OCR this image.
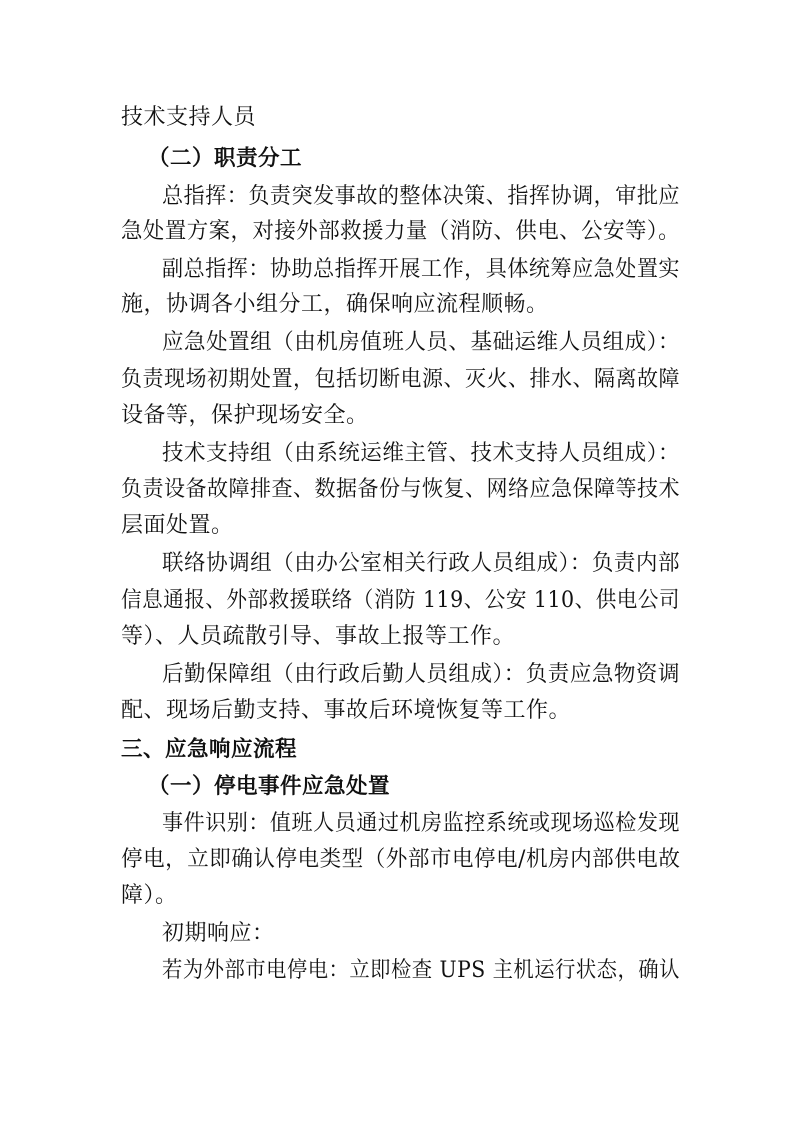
技术支持人员
（二）职责分工
总指挥：负责突发事故的整体决策、指挥协调，审批应
急处置方案，对接外部救援力量（消防、供电、公安等）。
副总指挥：协助总指挥开展工作，具体统筹应急处置实
施，协调各小组分工，确保响应流程顺畅。
应急处置组（由机房值班人员、基础运维人员组成）：
负责现场初期处置，包括切断电源、灭火、排水、隔离故障
设备等，保护现场安全。
技术支持组（由系统运维主管、技术支持人员组成）：
负责设备故障排查、数据备份与恢复、网络应急保障等技术
层面处置。
联络协调组（由办公室相关行政人员组成）：负责内部
信息通报、外部救援联络（消防 119、公安 110、供电公司
等）、人员疏散引导、事故上报等工作。
后勤保障组（由行政后勤人员组成）：负责应急物资调
配、现场后勤支持、事故后环境恢复等工作。
三、应急响应流程
（一）停电事件应急处置
事件识别：值班人员通过机房监控系统或现场巡检发现
停电，立即确认停电类型（外部市电停电/机房内部供电故
障）。
初期响应：
若为外部市电停电：立即检查 UPS 主机运行状态，确认
